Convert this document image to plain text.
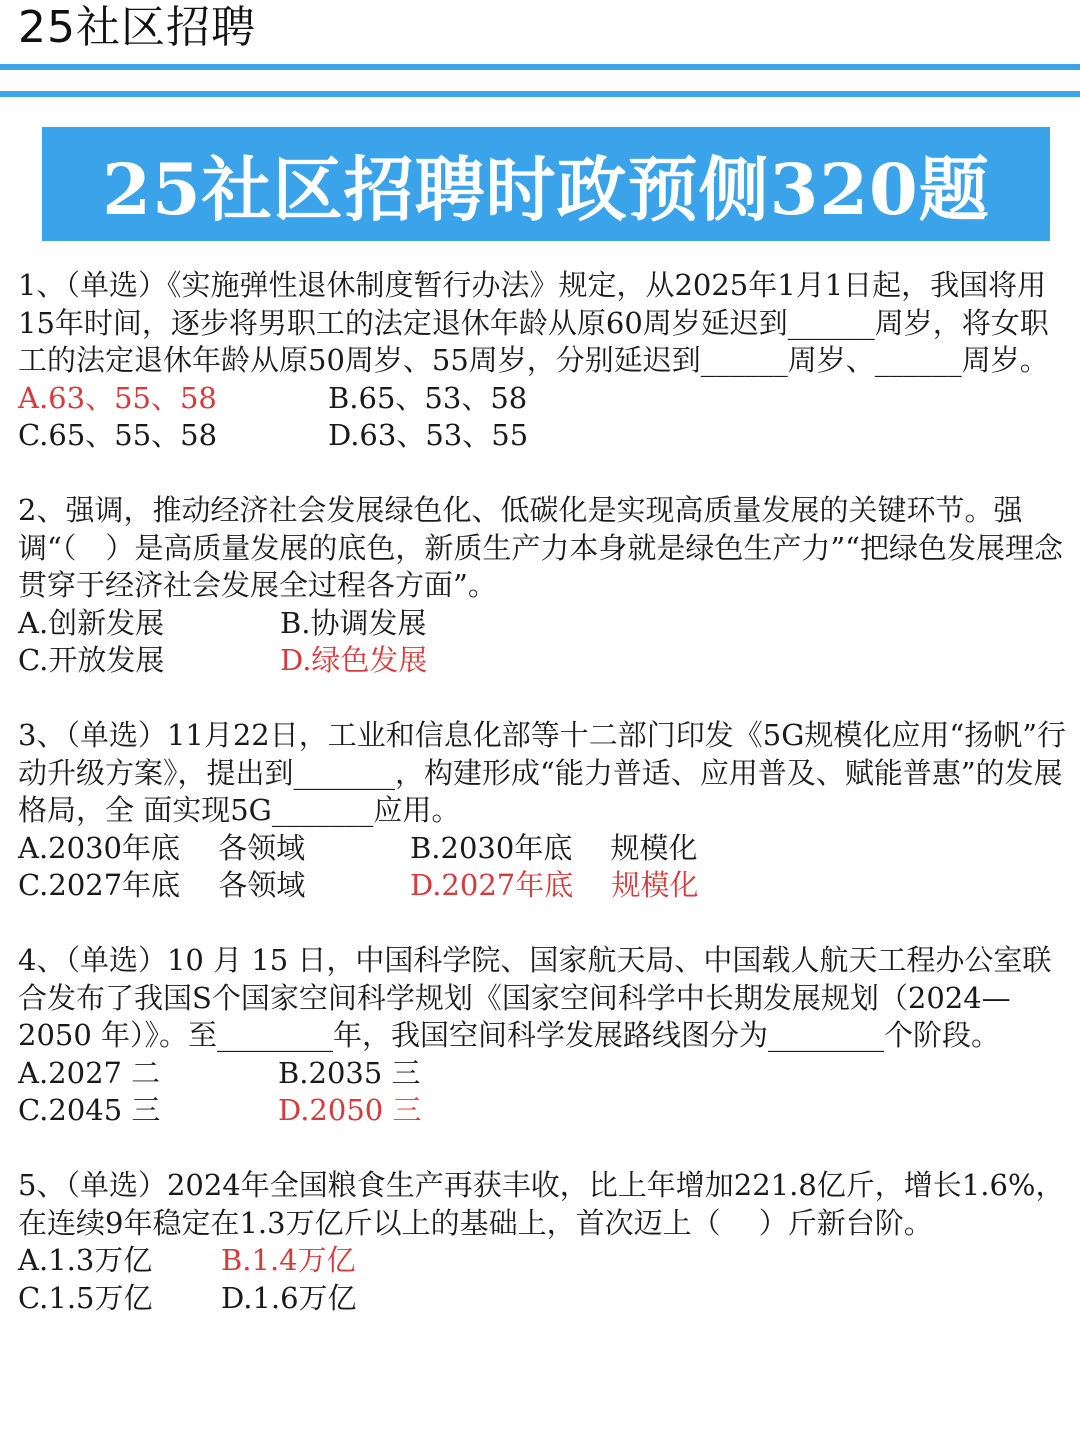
25社区招聘
25社区招聘时政预侧320题

1、（单选）《实施弹性退休制度暂行办法》规定，从2025年1月1日起，我国将用15年时间，逐步将男职工的法定退休年龄从原60周岁延迟到______周岁，将女职工的法定退休年龄从原50周岁、55周岁，分别延迟到______周岁、______周岁。

A.63、55、58	B.65、53、58
C.65、55、58	D.63、53、55

2、强调，推动经济社会发展绿色化、低碳化是实现高质量发展的关键环节。强调“（　）是高质量发展的底色，新质生产力本身就是绿色生产力”“把绿色发展理念贯穿于经济社会发展全过程各方面”。

A.创新发展	B.协调发展
C.开放发展	D.绿色发展

3、（单选）11月22日，工业和信息化部等十二部门印发《5G规模化应用“扬帆”行动升级方案》，提出到_______，构建形成“能力普适、应用普及、赋能普惠”的发展格局，全 面实现5G_______应用。

A.2030年底　 各领域	B.2030年底　 规模化
C.2027年底　 各领域	D.2027年底　 规模化

4、（单选）10 月 15 日，中国科学院、国家航天局、中国载人航天工程办公室联合发布了我国S个国家空间科学规划《国家空间科学中长期发展规划（2024—2050 年）》。至________年，我国空间科学发展路线图分为________个阶段。

A.2027 二	B.2035 三
C.2045 三	D.2050 三

5、（单选）2024年全国粮食生产再获丰收，比上年增加221.8亿斤，增长1.6%，在连续9年稳定在1.3万亿斤以上的基础上，首次迈上（　 ）斤新台阶。

A.1.3万亿	B.1.4万亿
C.1.5万亿	D.1.6万亿
